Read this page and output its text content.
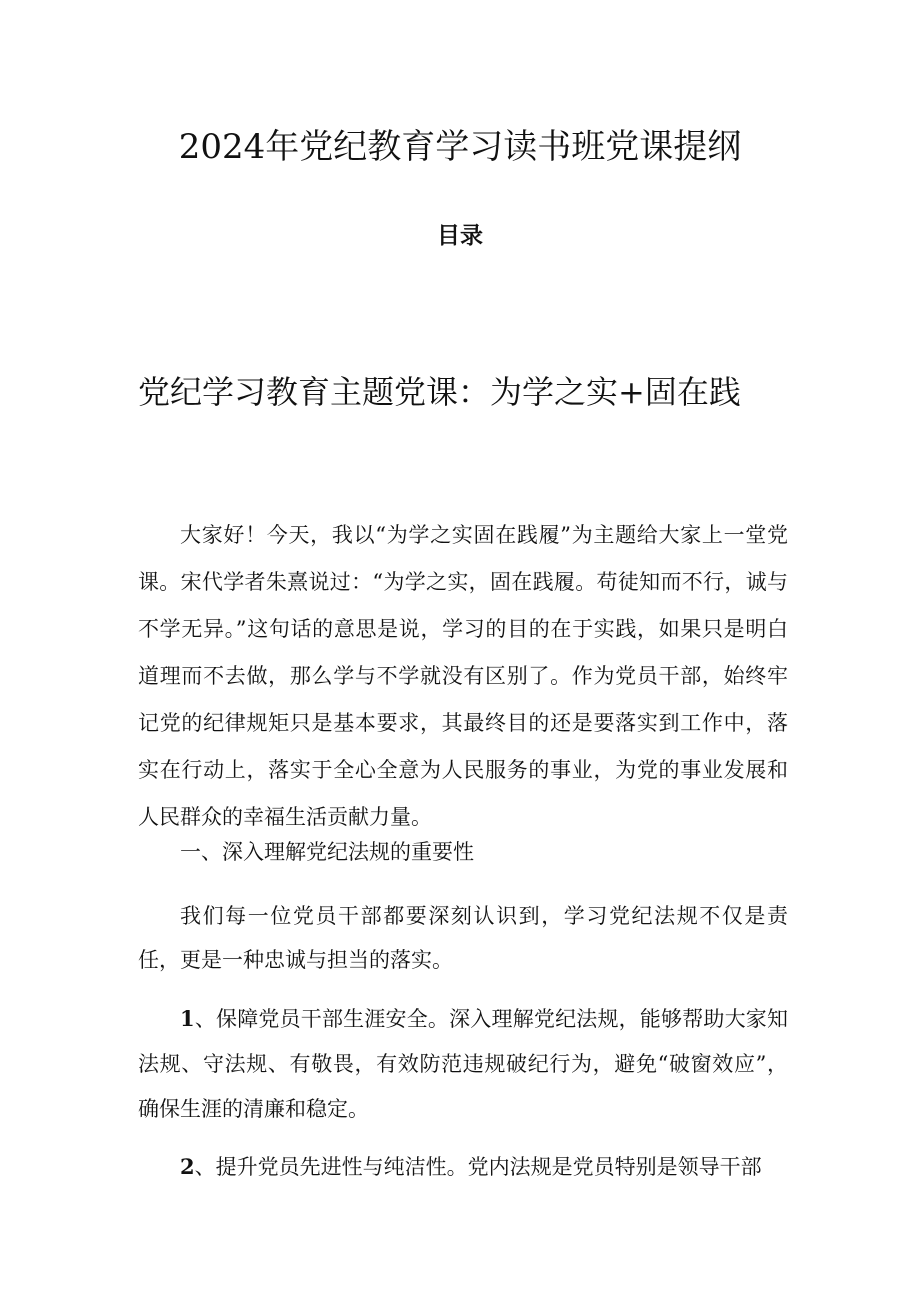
2024年党纪教育学习读书班党课提纲
目录
党纪学习教育主题党课：为学之实+固在践

大家好！今天，我以“为学之实固在践履”为主题给大家上一堂党课。宋代学者朱熹说过：“为学之实，固在践履。苟徒知而不行，诚与不学无异。”这句话的意思是说，学习的目的在于实践，如果只是明白道理而不去做，那么学与不学就没有区别了。作为党员干部，始终牢记党的纪律规矩只是基本要求，其最终目的还是要落实到工作中，落实在行动上，落实于全心全意为人民服务的事业，为党的事业发展和人民群众的幸福生活贡献力量。

一、深入理解党纪法规的重要性

我们每一位党员干部都要深刻认识到，学习党纪法规不仅是责任，更是一种忠诚与担当的落实。

1、保障党员干部生涯安全。深入理解党纪法规，能够帮助大家知法规、守法规、有敬畏，有效防范违规破纪行为，避免“破窗效应”，确保生涯的清廉和稳定。

2、提升党员先进性与纯洁性。党内法规是党员特别是领导干部
